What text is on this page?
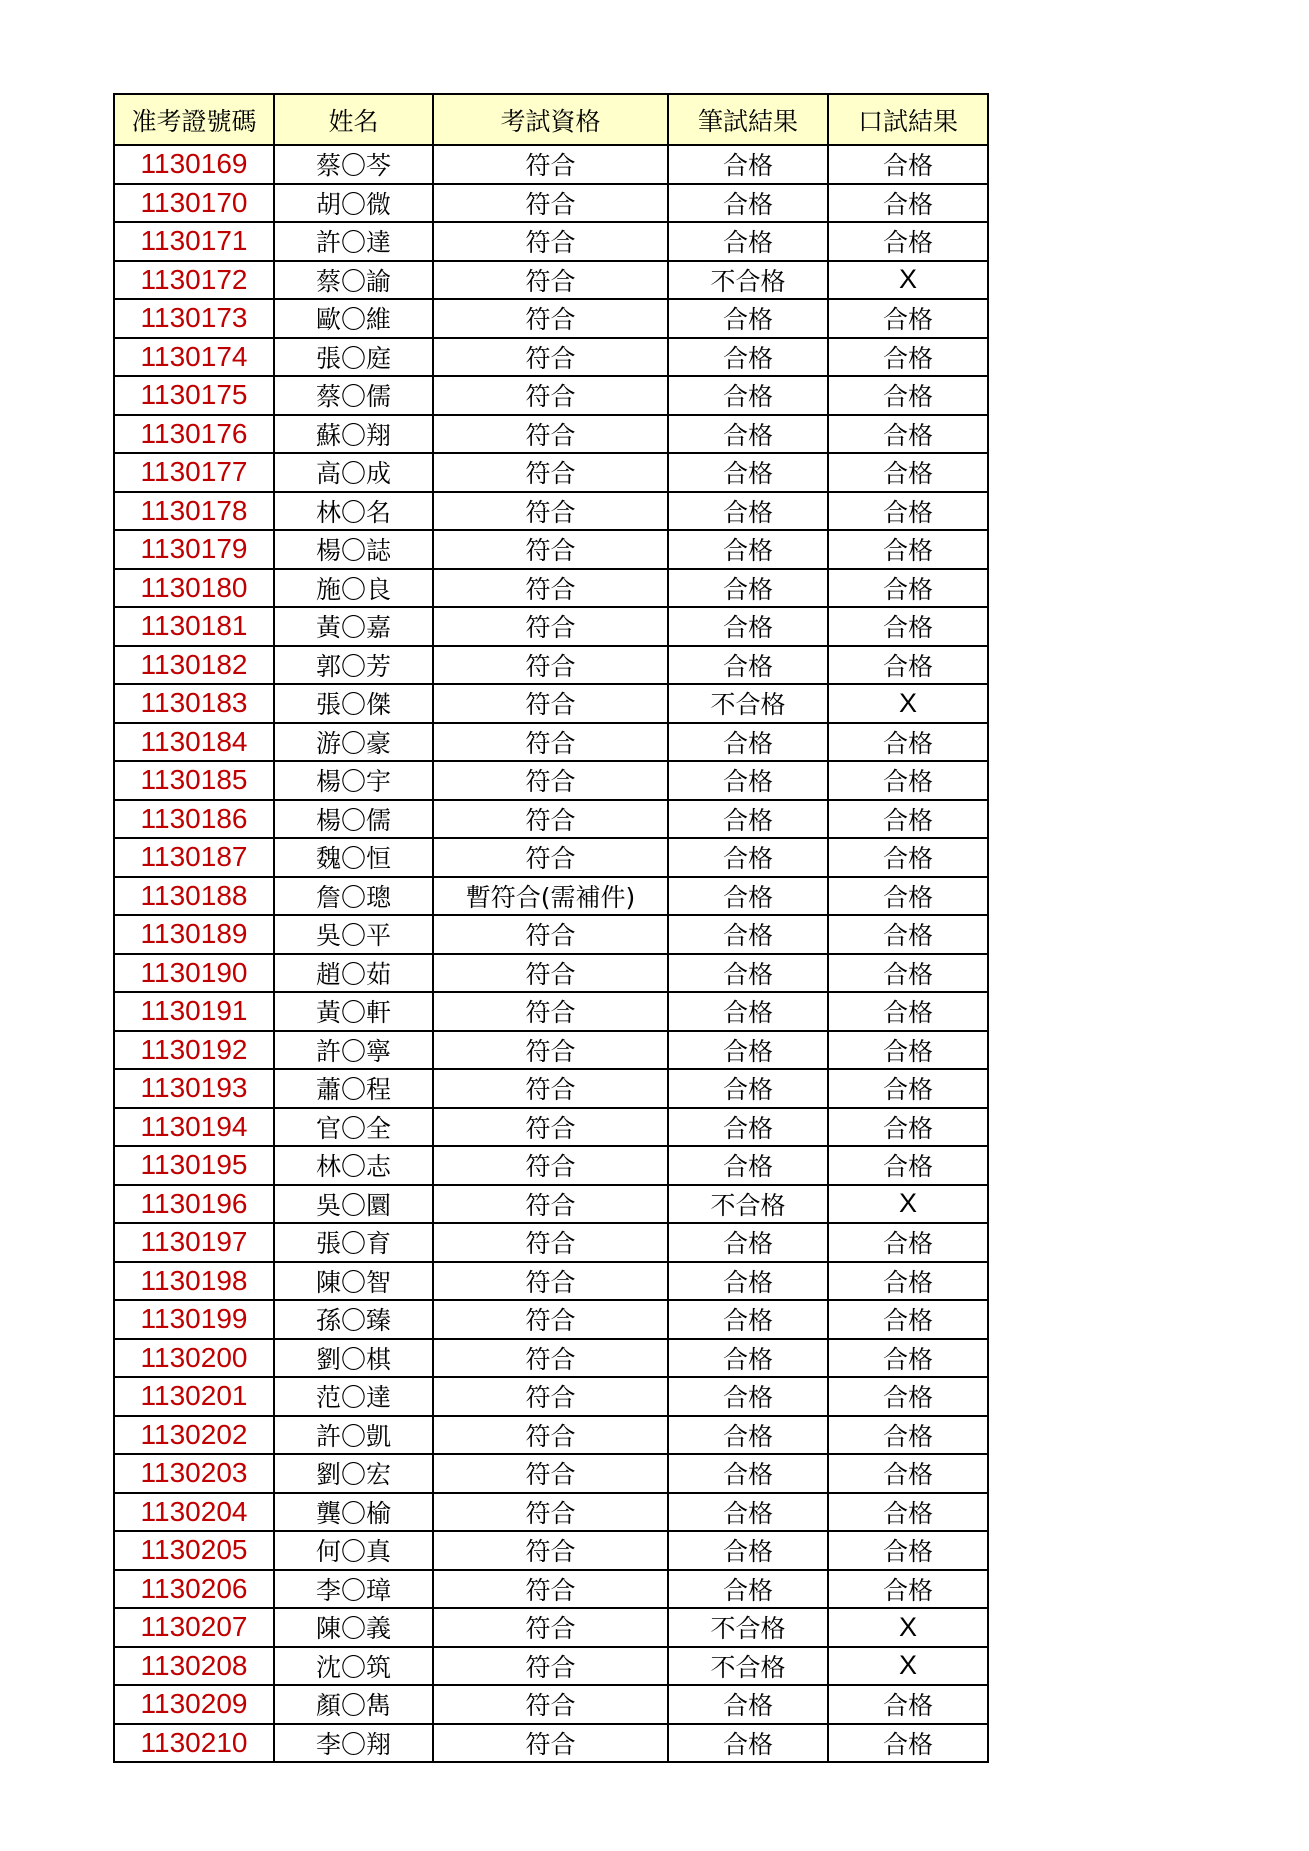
准考證號碼	姓名	考試資格	筆試結果	口試結果
1130169	蔡〇芩	符合	合格	合格
1130170	胡〇微	符合	合格	合格
1130171	許〇達	符合	合格	合格
1130172	蔡〇諭	符合	不合格	X
1130173	歐〇維	符合	合格	合格
1130174	張〇庭	符合	合格	合格
1130175	蔡〇儒	符合	合格	合格
1130176	蘇〇翔	符合	合格	合格
1130177	高〇成	符合	合格	合格
1130178	林〇名	符合	合格	合格
1130179	楊〇誌	符合	合格	合格
1130180	施〇良	符合	合格	合格
1130181	黃〇嘉	符合	合格	合格
1130182	郭〇芳	符合	合格	合格
1130183	張〇傑	符合	不合格	X
1130184	游〇豪	符合	合格	合格
1130185	楊〇宇	符合	合格	合格
1130186	楊〇儒	符合	合格	合格
1130187	魏〇恒	符合	合格	合格
1130188	詹〇璁	暫符合(需補件)	合格	合格
1130189	吳〇平	符合	合格	合格
1130190	趙〇茹	符合	合格	合格
1130191	黃〇軒	符合	合格	合格
1130192	許〇寧	符合	合格	合格
1130193	蕭〇程	符合	合格	合格
1130194	官〇全	符合	合格	合格
1130195	林〇志	符合	合格	合格
1130196	吳〇圜	符合	不合格	X
1130197	張〇育	符合	合格	合格
1130198	陳〇智	符合	合格	合格
1130199	孫〇臻	符合	合格	合格
1130200	劉〇棋	符合	合格	合格
1130201	范〇達	符合	合格	合格
1130202	許〇凱	符合	合格	合格
1130203	劉〇宏	符合	合格	合格
1130204	龔〇榆	符合	合格	合格
1130205	何〇真	符合	合格	合格
1130206	李〇璋	符合	合格	合格
1130207	陳〇義	符合	不合格	X
1130208	沈〇筑	符合	不合格	X
1130209	顏〇雋	符合	合格	合格
1130210	李〇翔	符合	合格	合格
